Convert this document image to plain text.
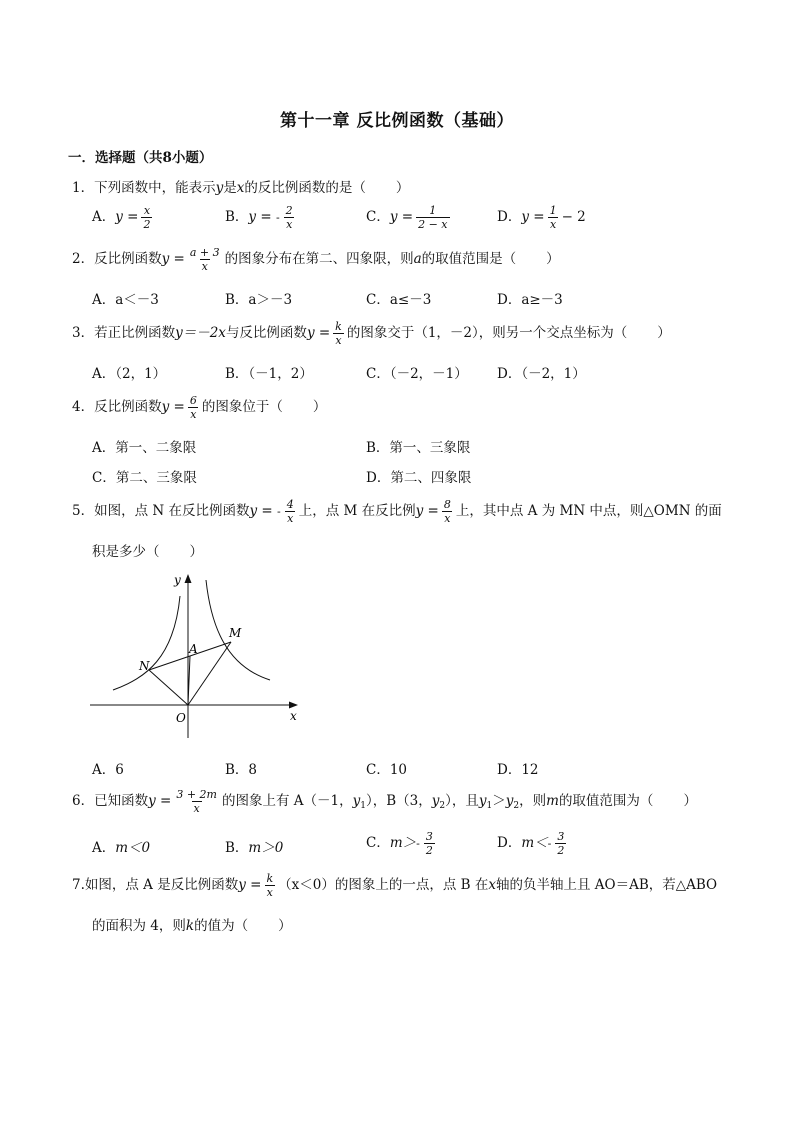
第十一章 反比例函数（基础）
一．选择题（共8小题）
1．下列函数中，能表示y是x的反比例函数的是（ ）
A．$y = \frac{x}{2}$	B．y = - $\frac{2}{x}$	C．$y = \frac{1}{2 - x}$	D．$y = \frac{1}{x} - 2$
2．反比例函数$y = \frac{a + 3}{x}$ 的图象分布在第二、四象限，则a的取值范围是（ ）
A．a＜－3	B．a＞－3	C．a≤－3	D．a≥－3
3．若正比例函数y＝－2x与反比例函数$y = \frac{k}{x}$ 的图象交于（1，－2），则另一个交点坐标为（ ）
A．（2，1）	B．（－1，2）	C．（－2，－1） D．（－2，1）
4．反比例函数$y = \frac{6}{x}$ 的图象位于（ ）
A．第一、二象限	B．第一、三象限
C．第二、三象限	D．第二、四象限
5．如图，点 N 在反比例函数y = - $\frac{4}{x}$ 上，点 M 在反比例$y = \frac{8}{x}$ 上，其中点 A 为 MN 中点，则△OMN 的面
积是多少（ ）
y
x
O
A
M
N
A．6	B．8	C．10	D．12
6．已知函数$y = \frac{3 + 2m}{x}$ 的图象上有 A（－1，$y_1$），B（3，$y_2$），且$y_1>y_2$，则m的取值范围为（ ）
A．m＜0	B．m＞0	C．$m>- \frac{3}{2}$	D．$m<- \frac{3}{2}$
7.如图，点 A 是反比例函数$y = \frac{k}{x} (x<0)$的图象上的一点，点 B 在x轴的负半轴上且 AO＝AB，若△ABO
的面积为 4，则k的值为（ ）
